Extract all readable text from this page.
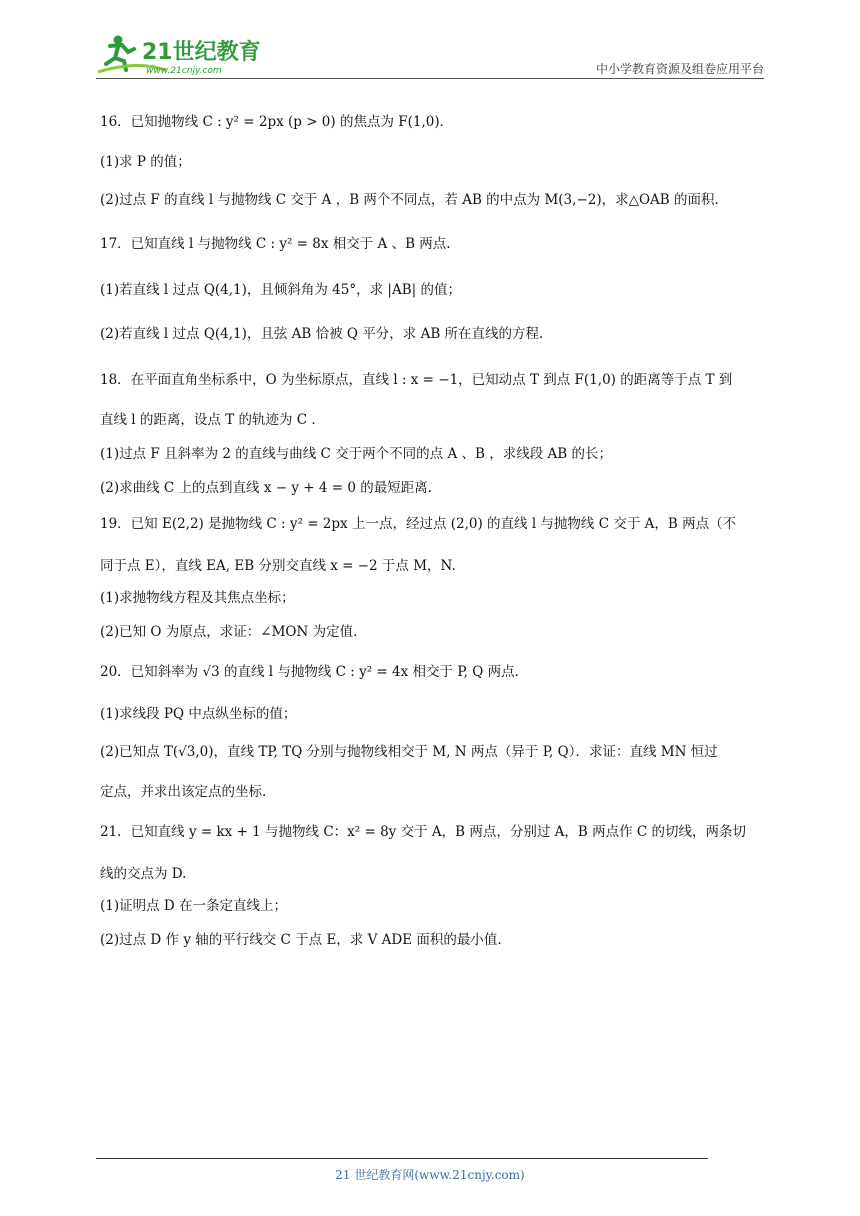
21世纪教育
www.21cnjy.com	中小学教育资源及组卷应用平台
16．已知抛物线 C : y² = 2px (p > 0) 的焦点为 F(1,0)．
(1)求 P 的值；
(2)过点 F 的直线 l 与抛物线 C 交于 A ，B 两个不同点，若 AB 的中点为 M(3,−2)，求△OAB 的面积.
17．已知直线 l 与抛物线 C : y² = 8x 相交于 A 、B 两点.
(1)若直线 l 过点 Q(4,1)，且倾斜角为 45°，求 |AB| 的值；
(2)若直线 l 过点 Q(4,1)，且弦 AB 恰被 Q 平分，求 AB 所在直线的方程.
18．在平面直角坐标系中，O 为坐标原点，直线 l : x = −1，已知动点 T 到点 F(1,0) 的距离等于点 T 到
直线 l 的距离，设点 T 的轨迹为 C .
(1)过点 F 且斜率为 2 的直线与曲线 C 交于两个不同的点 A 、B ，求线段 AB 的长；
(2)求曲线 C 上的点到直线 x − y + 4 = 0 的最短距离.
19．已知 E(2,2) 是抛物线 C : y² = 2px 上一点，经过点 (2,0) 的直线 l 与抛物线 C 交于 A，B 两点（不
同于点 E），直线 EA, EB 分别交直线 x = −2 于点 M，N.
(1)求抛物线方程及其焦点坐标；
(2)已知 O 为原点，求证：∠MON 为定值.
20．已知斜率为 √3 的直线 l 与抛物线 C : y² = 4x 相交于 P, Q 两点.
(1)求线段 PQ 中点纵坐标的值；
(2)已知点 T(√3,0)，直线 TP, TQ 分别与抛物线相交于 M, N 两点（异于 P, Q）．求证：直线 MN 恒过
定点，并求出该定点的坐标.
21．已知直线 y = kx + 1 与抛物线 C：x² = 8y 交于 A，B 两点，分别过 A，B 两点作 C 的切线，两条切
线的交点为 D.
(1)证明点 D 在一条定直线上；
(2)过点 D 作 y 轴的平行线交 C 于点 E，求 V ADE 面积的最小值.
21 世纪教育网(www.21cnjy.com)
